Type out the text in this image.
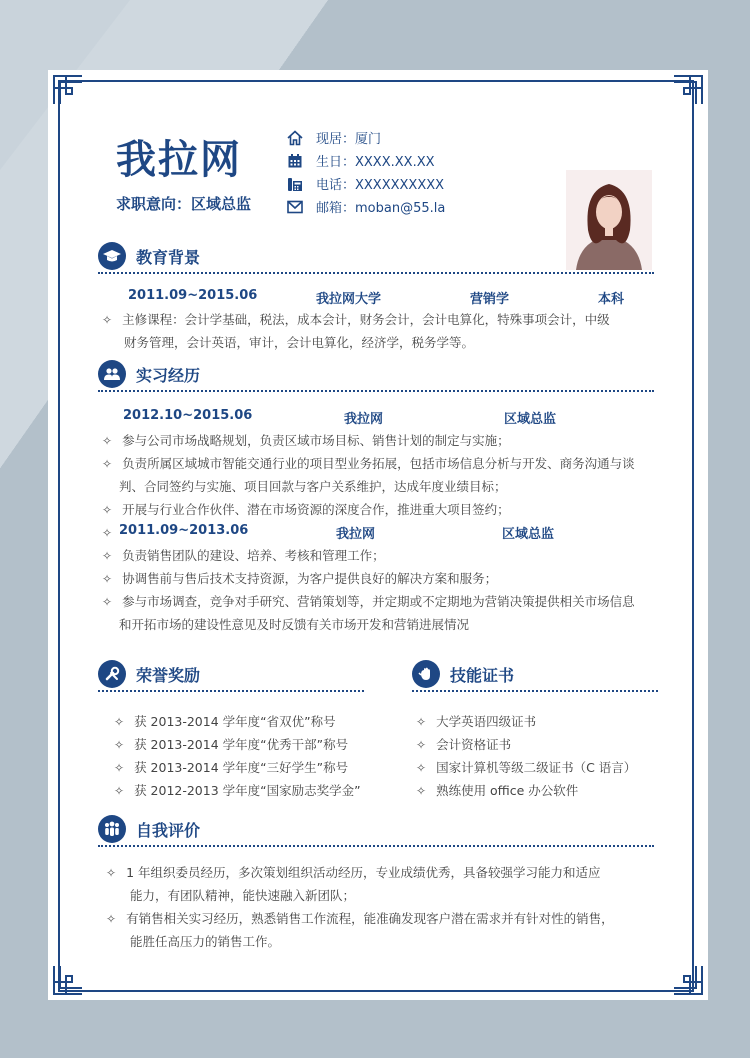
我拉网
求职意向：区域总监
现居：厦门
生日：XXXX.XX.XX
电话：XXXXXXXXXX
邮箱：moban@55.la
教育背景
2011.09~2015.06	我拉网大学	营销学	本科
✧ 主修课程：会计学基础，税法，成本会计，财务会计，会计电算化，特殊事项会计，中级
财务管理，会计英语，审计，会计电算化，经济学，税务学等。
实习经历
2012.10~2015.06	我拉网	区域总监
✧ 参与公司市场战略规划，负责区域市场目标、销售计划的制定与实施；
✧ 负责所属区域城市智能交通行业的项目型业务拓展，包括市场信息分析与开发、商务沟通与谈
判、合同签约与实施、项目回款与客户关系维护，达成年度业绩目标；
✧ 开展与行业合作伙伴、潜在市场资源的深度合作，推进重大项目签约；
✧ 2011.09~2013.06	我拉网	区域总监
✧ 负责销售团队的建设、培养、考核和管理工作；
✧ 协调售前与售后技术支持资源，为客户提供良好的解决方案和服务；
✧ 参与市场调查，竞争对手研究、营销策划等，并定期或不定期地为营销决策提供相关市场信息
和开拓市场的建设性意见及时反馈有关市场开发和营销进展情况
荣誉奖励
✧ 获 2013-2014 学年度“省双优”称号
✧ 获 2013-2014 学年度“优秀干部”称号
✧ 获 2013-2014 学年度“三好学生”称号
✧ 获 2012-2013 学年度“国家励志奖学金”
技能证书
✧ 大学英语四级证书
✧ 会计资格证书
✧ 国家计算机等级二级证书（C 语言）
✧ 熟练使用 office 办公软件
自我评价
✧ 1 年组织委员经历，多次策划组织活动经历，专业成绩优秀，具备较强学习能力和适应
能力，有团队精神，能快速融入新团队；
✧ 有销售相关实习经历，熟悉销售工作流程，能准确发现客户潜在需求并有针对性的销售，
能胜任高压力的销售工作。
